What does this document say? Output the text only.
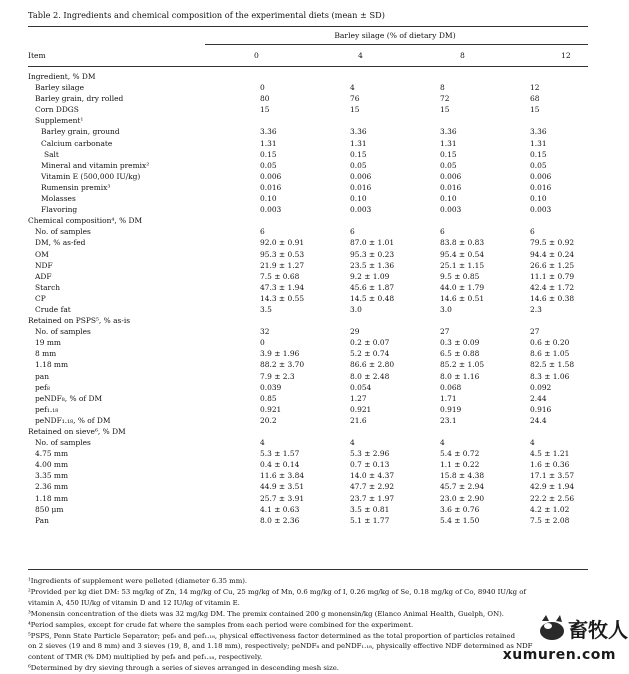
Table 2. Ingredients and chemical composition of the experimental diets (mean ± SD)
Barley silage (% of dietary DM)
Item	0	4	8	12
Ingredient, % DM				
Barley silage	0	4	8	12
Barley grain, dry rolled	80	76	72	68
Corn DDGS	15	15	15	15
Supplement¹				
Barley grain, ground	3.36	3.36	3.36	3.36
Calcium carbonate	1.31	1.31	1.31	1.31
Salt	0.15	0.15	0.15	0.15
Mineral and vitamin premix²	0.05	0.05	0.05	0.05
Vitamin E (500,000 IU/kg)	0.006	0.006	0.006	0.006
Rumensin premix³	0.016	0.016	0.016	0.016
Molasses	0.10	0.10	0.10	0.10
Flavoring	0.003	0.003	0.003	0.003
Chemical composition⁴, % DM				
No. of samples	6	6	6	6
DM, % as-fed	92.0 ± 0.91	87.0 ± 1.01	83.8 ± 0.83	79.5 ± 0.92
OM	95.3 ± 0.53	95.3 ± 0.23	95.4 ± 0.54	94.4 ± 0.24
NDF	21.9 ± 1.27	23.5 ± 1.36	25.1 ± 1.15	26.6 ± 1.25
ADF	7.5 ± 0.68	9.2 ± 1.09	9.5 ± 0.85	11.1 ± 0.79
Starch	47.3 ± 1.94	45.6 ± 1.87	44.0 ± 1.79	42.4 ± 1.72
CP	14.3 ± 0.55	14.5 ± 0.48	14.6 ± 0.51	14.6 ± 0.38
Crude fat	3.5	3.0	3.0	2.3
Retained on PSPS⁵, % as-is				
No. of samples	32	29	27	27
19 mm	0	0.2 ± 0.07	0.3 ± 0.09	0.6 ± 0.20
8 mm	3.9 ± 1.96	5.2 ± 0.74	6.5 ± 0.88	8.6 ± 1.05
1.18 mm	88.2 ± 3.70	86.6 ± 2.80	85.2 ± 1.05	82.5 ± 1.58
pan	7.9 ± 2.3	8.0 ± 2.48	8.0 ± 1.16	8.3 ± 1.06
pef₈	0.039	0.054	0.068	0.092
peNDF₈, % of DM	0.85	1.27	1.71	2.44
pef₁.₁₈	0.921	0.921	0.919	0.916
peNDF₁.₁₈, % of DM	20.2	21.6	23.1	24.4
Retained on sieve⁶, % DM				
No. of samples	4	4	4	4
4.75 mm	5.3 ± 1.57	5.3 ± 2.96	5.4 ± 0.72	4.5 ± 1.21
4.00 mm	0.4 ± 0.14	0.7 ± 0.13	1.1 ± 0.22	1.6 ± 0.36
3.35 mm	11.6 ± 3.84	14.0 ± 4.37	15.8 ± 4.38	17.1 ± 3.57
2.36 mm	44.9 ± 3.51	47.7 ± 2.92	45.7 ± 2.94	42.9 ± 1.94
1.18 mm	25.7 ± 3.91	23.7 ± 1.97	23.0 ± 2.90	22.2 ± 2.56
850 μm	4.1 ± 0.63	3.5 ± 0.81	3.6 ± 0.76	4.2 ± 1.02
Pan	8.0 ± 2.36	5.1 ± 1.77	5.4 ± 1.50	7.5 ± 2.08
¹Ingredients of supplement were pelleted (diameter 6.35 mm).
²Provided per kg diet DM: 53 mg/kg of Zn, 14 mg/kg of Cu, 25 mg/kg of Mn, 0.6 mg/kg of I, 0.26 mg/kg of Se, 0.18 mg/kg of Co, 8940 IU/kg of
vitamin A, 450 IU/kg of vitamin D and 12 IU/kg of vitamin E.
³Monensin concentration of the diets was 32 mg/kg DM. The premix contained 200 g monensin/kg (Elanco Animal Health, Guelph, ON).
⁴Period samples, except for crude fat where the samples from each period were combined for the experiment.
⁵PSPS, Penn State Particle Separator; pef₈ and pef₁.₁₈, physical effectiveness factor determined as the total proportion of particles retained
on 2 sieves (19 and 8 mm) and 3 sieves (19, 8, and 1.18 mm), respectively; peNDF₈ and peNDF₁.₁₈, physically effective NDF determined as NDF
content of TMR (% DM) multiplied by pef₈ and pef₁.₁₈, respectively.
⁶Determined by dry sieving through a series of sieves arranged in descending mesh size.
畜牧人
xumuren.com
